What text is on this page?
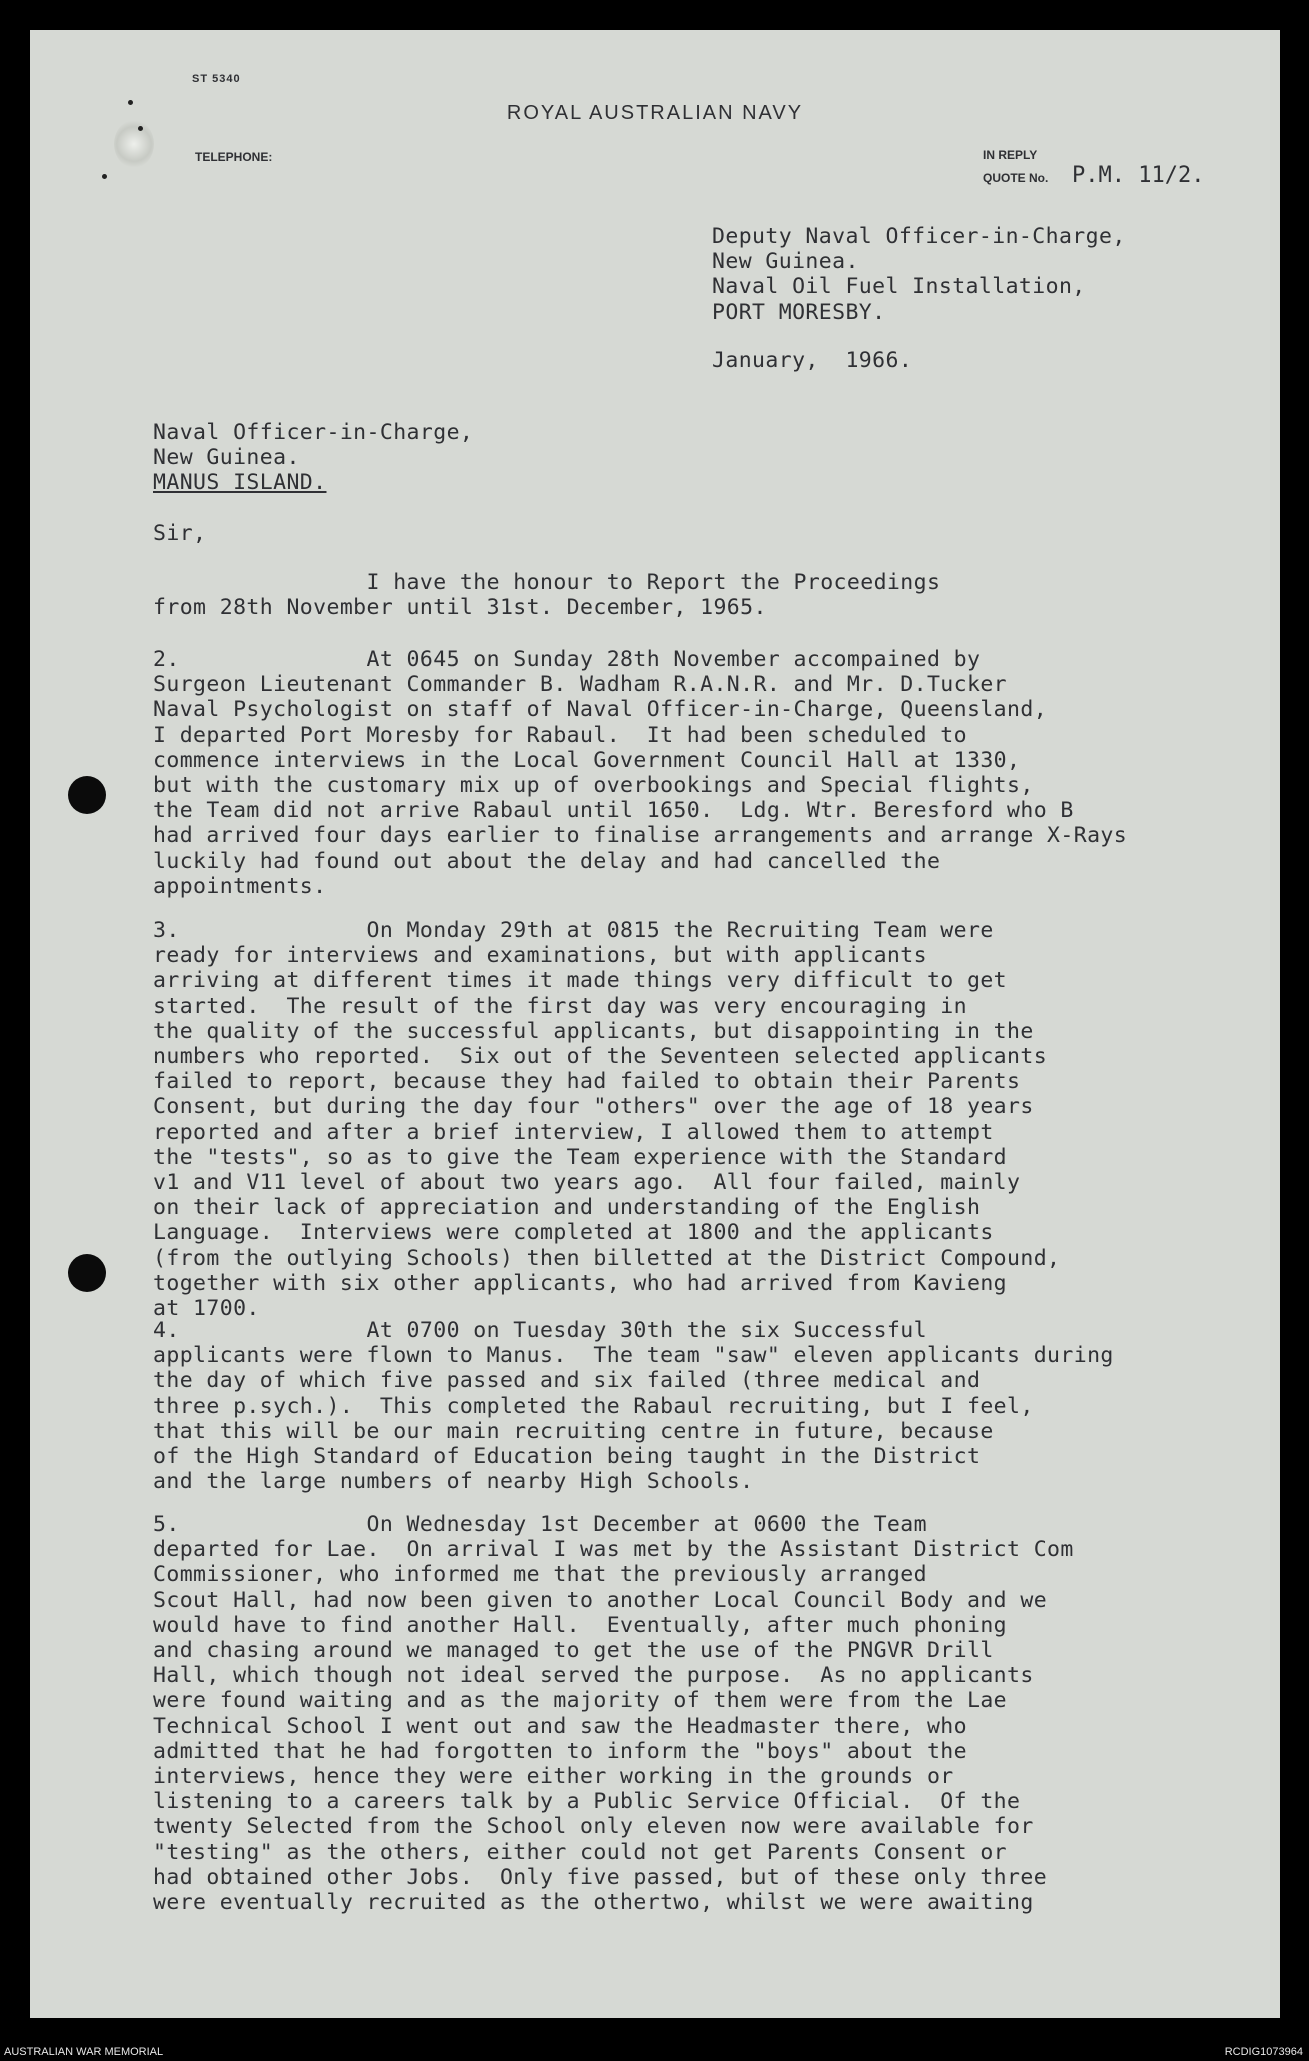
ST 5340
ROYAL AUSTRALIAN NAVY
TELEPHONE:	IN REPLY
QUOTE No. P.M. 11/2.
Deputy Naval Officer-in-Charge,
New Guinea.
Naval Oil Fuel Installation,
PORT MORESBY.
January,  1966.
Naval Officer-in-Charge,
New Guinea.
MANUS ISLAND.
Sir,
I have the honour to Report the Proceedings
from 28th November until 31st. December, 1965.
2.              At 0645 on Sunday 28th November accompained by
Surgeon Lieutenant Commander B. Wadham R.A.N.R. and Mr. D.Tucker
Naval Psychologist on staff of Naval Officer-in-Charge, Queensland,
I departed Port Moresby for Rabaul.  It had been scheduled to
commence interviews in the Local Government Council Hall at 1330,
but with the customary mix up of overbookings and Special flights,
the Team did not arrive Rabaul until 1650.  Ldg. Wtr. Beresford who B
had arrived four days earlier to finalise arrangements and arrange X-Rays
luckily had found out about the delay and had cancelled the
appointments.
3.              On Monday 29th at 0815 the Recruiting Team were
ready for interviews and examinations, but with applicants
arriving at different times it made things very difficult to get
started.  The result of the first day was very encouraging in
the quality of the successful applicants, but disappointing in the
numbers who reported.  Six out of the Seventeen selected applicants
failed to report, because they had failed to obtain their Parents
Consent, but during the day four "others" over the age of 18 years
reported and after a brief interview, I allowed them to attempt
the "tests", so as to give the Team experience with the Standard
v1 and V11 level of about two years ago.  All four failed, mainly
on their lack of appreciation and understanding of the English
Language.  Interviews were completed at 1800 and the applicants
(from the outlying Schools) then billetted at the District Compound,
together with six other applicants, who had arrived from Kavieng
at 1700.
4.              At 0700 on Tuesday 30th the six Successful
applicants were flown to Manus.  The team "saw" eleven applicants during
the day of which five passed and six failed (three medical and
three p.sych.).  This completed the Rabaul recruiting, but I feel,
that this will be our main recruiting centre in future, because
of the High Standard of Education being taught in the District
and the large numbers of nearby High Schools.
5.              On Wednesday 1st December at 0600 the Team
departed for Lae.  On arrival I was met by the Assistant District Com
Commissioner, who informed me that the previously arranged
Scout Hall, had now been given to another Local Council Body and we
would have to find another Hall.  Eventually, after much phoning
and chasing around we managed to get the use of the PNGVR Drill
Hall, which though not ideal served the purpose.  As no applicants
were found waiting and as the majority of them were from the Lae
Technical School I went out and saw the Headmaster there, who
admitted that he had forgotten to inform the "boys" about the
interviews, hence they were either working in the grounds or
listening to a careers talk by a Public Service Official.  Of the
twenty Selected from the School only eleven now were available for
"testing" as the others, either could not get Parents Consent or
had obtained other Jobs.  Only five passed, but of these only three
were eventually recruited as the othertwo, whilst we were awaiting
AUSTRALIAN WAR MEMORIAL	RCDIG1073964
